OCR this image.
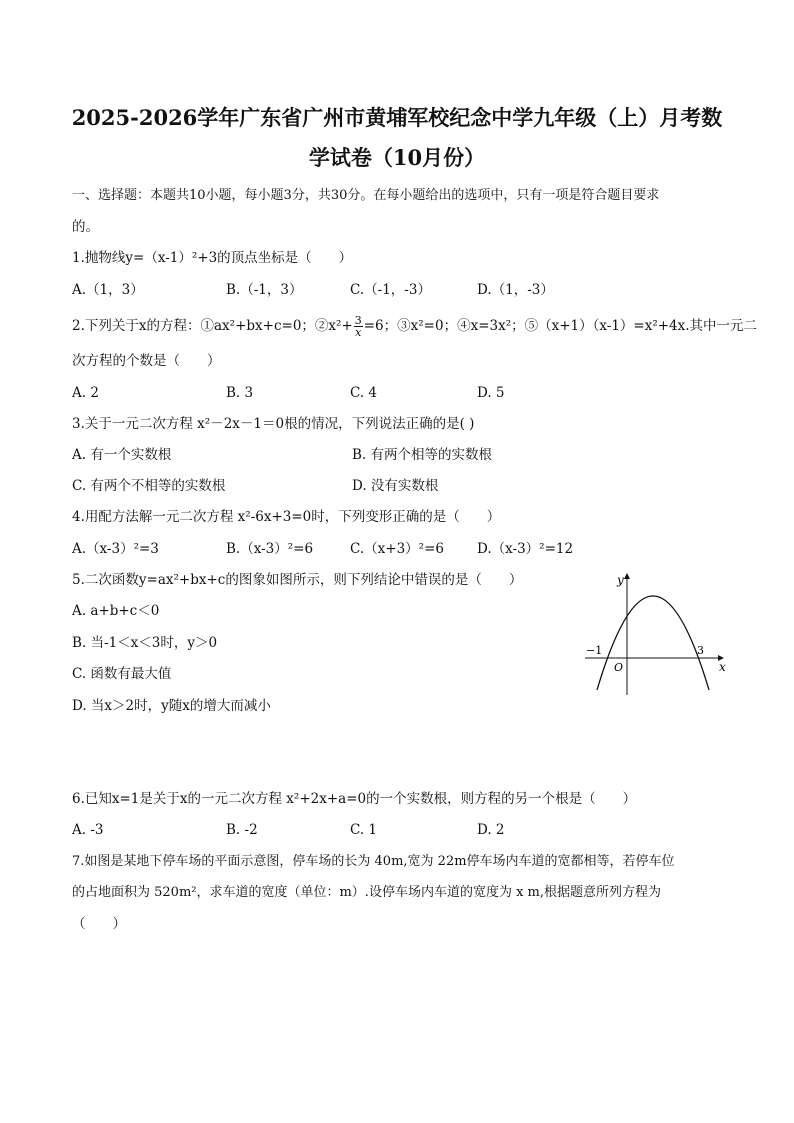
2025-2026学年广东省广州市黄埔军校纪念中学九年级（上）月考数
学试卷（10月份）
一、选择题：本题共10小题，每小题3分，共30分。在每小题给出的选项中，只有一项是符合题目要求
的。
1.抛物线y=（x-1）²+3的顶点坐标是（　　）
A.（1，3）	B.（-1，3）	C.（-1，-3）	D.（1，-3）
2.下列关于x的方程：①ax²+bx+c=0；②x²+ $\frac{3}{x} =6$；③x²=0；④x=3x²；⑤（x+1）（x-1）=x²+4x.其中一元二
次方程的个数是（　　）
A. 2	B. 3	C. 4	D. 5
3.关于一元二次方程 x²－2x－1＝0根的情况，下列说法正确的是( )
A. 有一个实数根	B. 有两个相等的实数根
C. 有两个不相等的实数根	D. 没有实数根
4.用配方法解一元二次方程 x²-6x+3=0时，下列变形正确的是（　　）
A.（x-3）²=3	B.（x-3）²=6	C.（x+3）²=6 D.（x-3）²=12
5.二次函数y=ax²+bx+c的图象如图所示，则下列结论中错误的是（　　）
A. a+b+c＜0
B. 当-1＜x＜3时，y＞0
C. 函数有最大值
D. 当x＞2时，y随x的增大而减小
y
x
O
−1	3
6.已知x=1是关于x的一元二次方程 x²+2x+a=0的一个实数根，则方程的另一个根是（　　）
A. -3	B. -2	C. 1	D. 2
7.如图是某地下停车场的平面示意图，停车场的长为 40m,宽为 22m停车场内车道的宽都相等，若停车位
的占地面积为 520m²，求车道的宽度（单位：m）.设停车场内车道的宽度为 x m,根据题意所列方程为
（　　）
